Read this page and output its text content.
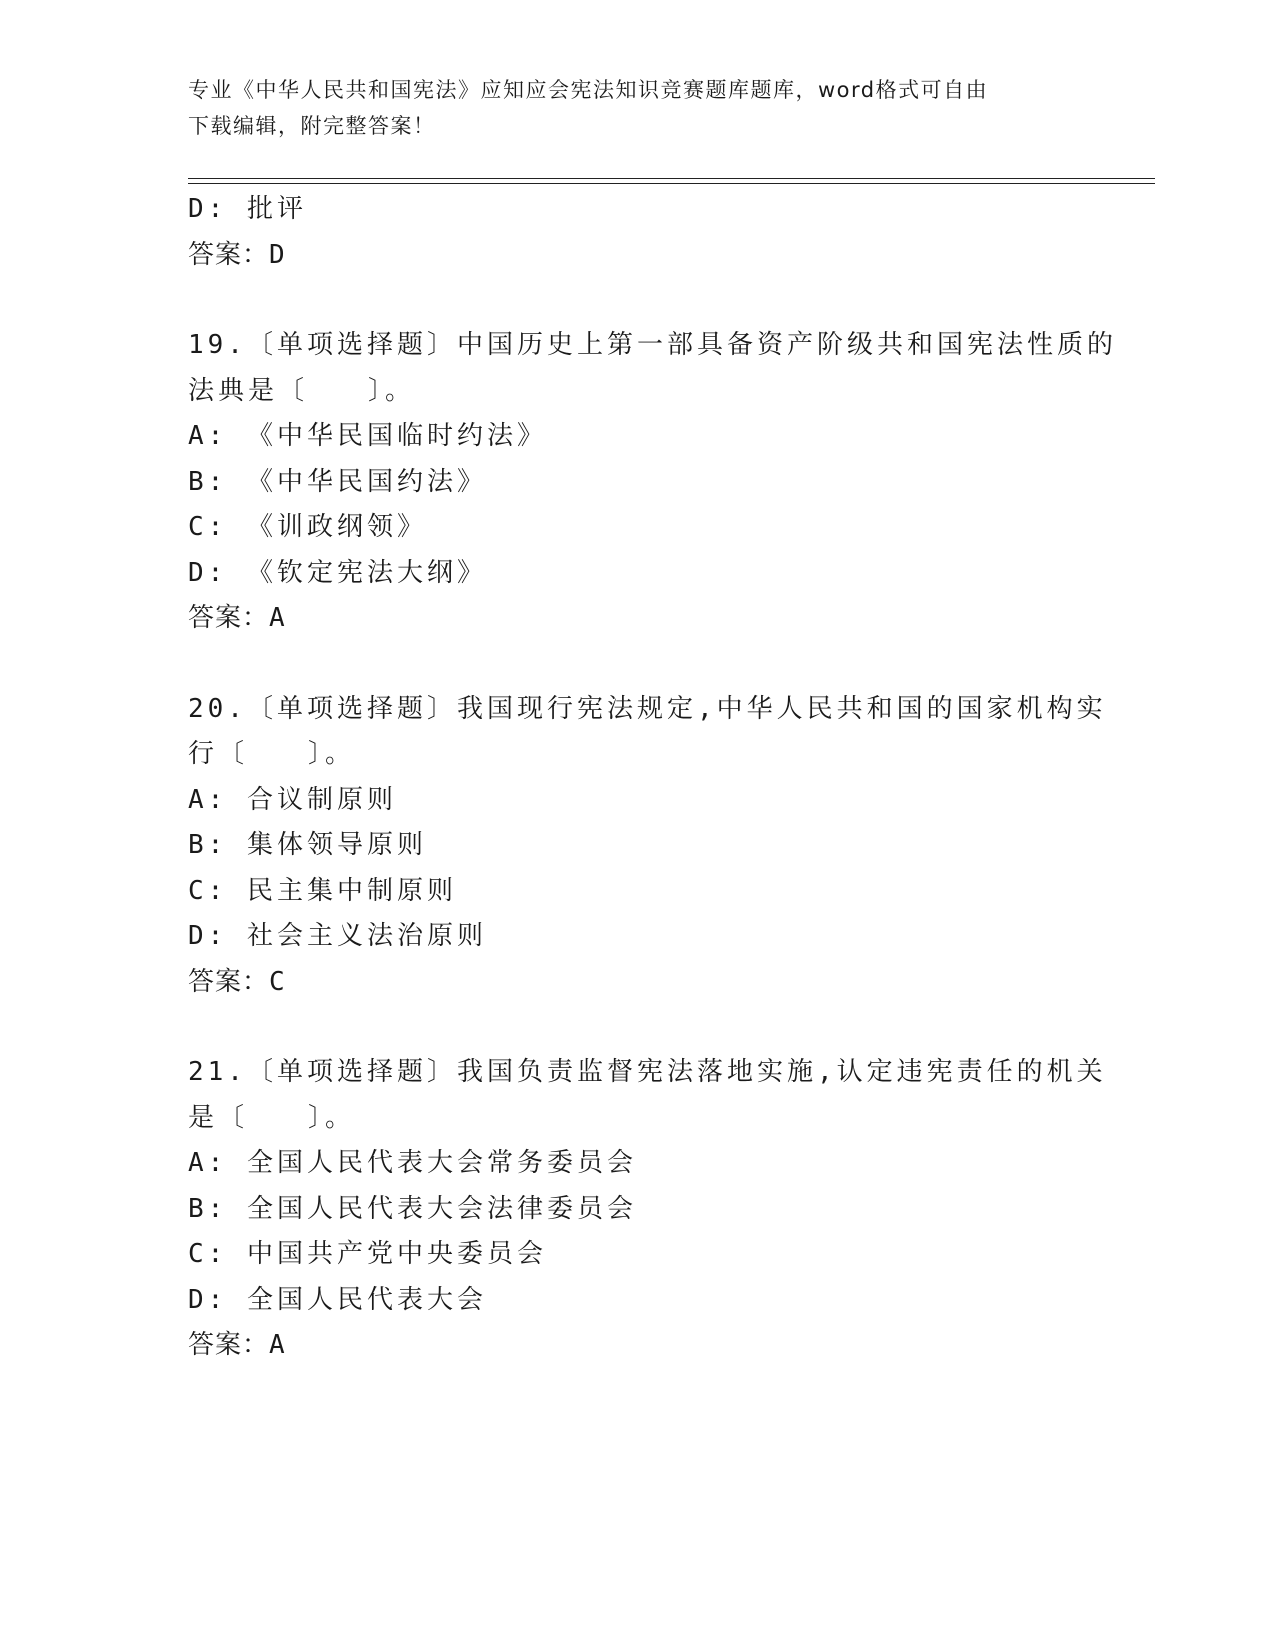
专业《中华人民共和国宪法》应知应会宪法知识竞赛题库题库，word格式可自由
下载编辑，附完整答案！
D: 批评
答案：D
19.〔单项选择题〕中国历史上第一部具备资产阶级共和国宪法性质的
法典是〔　　〕。
A: 《中华民国临时约法》
B: 《中华民国约法》
C: 《训政纲领》
D: 《钦定宪法大纲》
答案：A
20.〔单项选择题〕我国现行宪法规定,中华人民共和国的国家机构实
行〔　　〕。
A: 合议制原则
B: 集体领导原则
C: 民主集中制原则
D: 社会主义法治原则
答案：C
21.〔单项选择题〕我国负责监督宪法落地实施,认定违宪责任的机关
是〔　　〕。
A: 全国人民代表大会常务委员会
B: 全国人民代表大会法律委员会
C: 中国共产党中央委员会
D: 全国人民代表大会
答案：A
